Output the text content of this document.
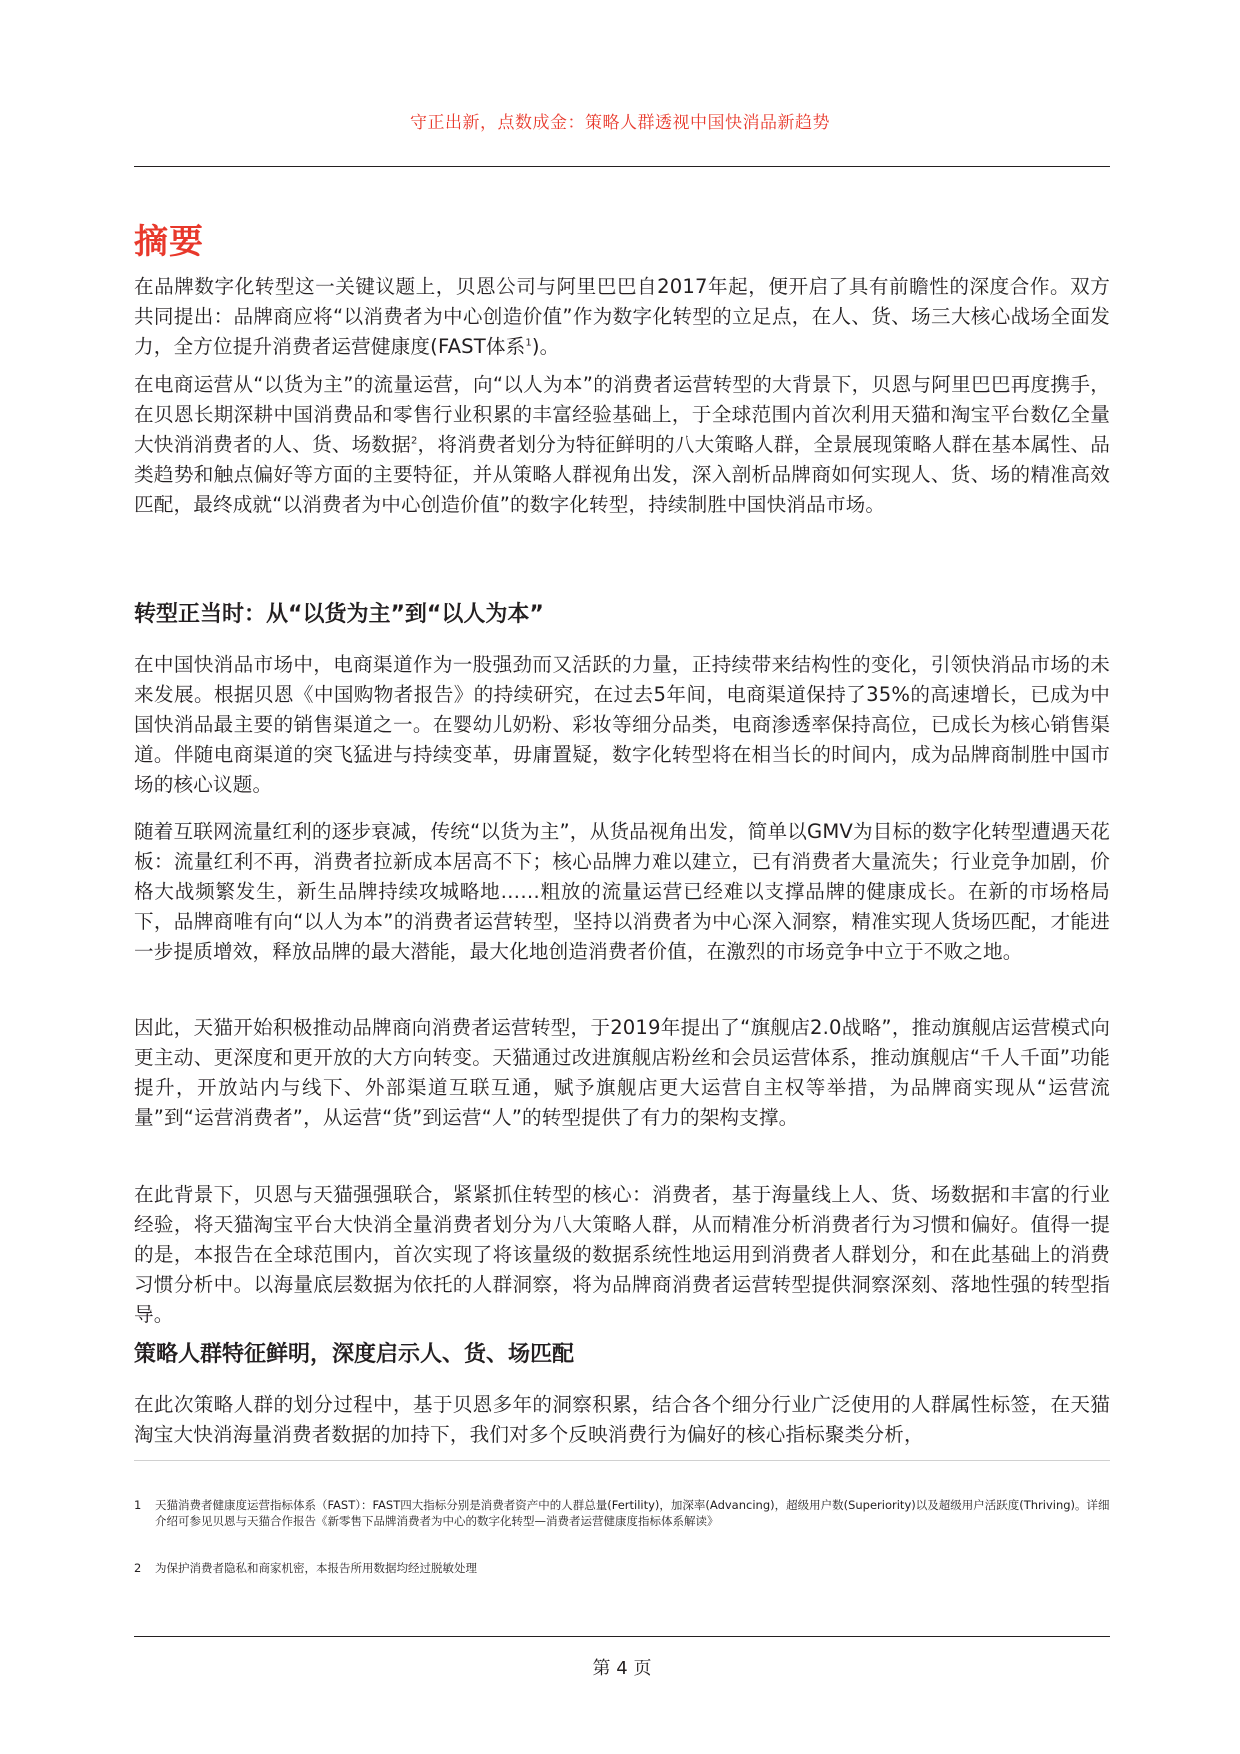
守正出新，点数成金：策略人群透视中国快消品新趋势
摘要

在品牌数字化转型这一关键议题上，贝恩公司与阿里巴巴自2017年起，便开启了具有前瞻性的深度合作。双方共同提出：品牌商应将“以消费者为中心创造价值”作为数字化转型的立足点，在人、货、场三大核心战场全面发力，全方位提升消费者运营健康度(FAST体系$^1$)。

在电商运营从“以货为主”的流量运营，向“以人为本”的消费者运营转型的大背景下，贝恩与阿里巴巴再度携手，在贝恩长期深耕中国消费品和零售行业积累的丰富经验基础上，于全球范围内首次利用天猫和淘宝平台数亿全量大快消消费者的人、货、场数据$^2$，将消费者划分为特征鲜明的八大策略人群，全景展现策略人群在基本属性、品类趋势和触点偏好等方面的主要特征，并从策略人群视角出发，深入剖析品牌商如何实现人、货、场的精准高效匹配，最终成就“以消费者为中心创造价值”的数字化转型，持续制胜中国快消品市场。

转型正当时：从“以货为主”到“以人为本”

在中国快消品市场中，电商渠道作为一股强劲而又活跃的力量，正持续带来结构性的变化，引领快消品市场的未来发展。根据贝恩《中国购物者报告》的持续研究，在过去5年间，电商渠道保持了35%的高速增长，已成为中国快消品最主要的销售渠道之一。在婴幼儿奶粉、彩妆等细分品类，电商渗透率保持高位，已成长为核心销售渠道。伴随电商渠道的突飞猛进与持续变革，毋庸置疑，数字化转型将在相当长的时间内，成为品牌商制胜中国市场的核心议题。

随着互联网流量红利的逐步衰减，传统“以货为主”，从货品视角出发，简单以GMV为目标的数字化转型遭遇天花板：流量红利不再，消费者拉新成本居高不下；核心品牌力难以建立，已有消费者大量流失；行业竞争加剧，价格大战频繁发生，新生品牌持续攻城略地……粗放的流量运营已经难以支撑品牌的健康成长。在新的市场格局下，品牌商唯有向“以人为本”的消费者运营转型，坚持以消费者为中心深入洞察，精准实现人货场匹配，才能进一步提质增效，释放品牌的最大潜能，最大化地创造消费者价值，在激烈的市场竞争中立于不败之地。

因此，天猫开始积极推动品牌商向消费者运营转型，于2019年提出了“旗舰店2.0战略”，推动旗舰店运营模式向更主动、更深度和更开放的大方向转变。天猫通过改进旗舰店粉丝和会员运营体系，推动旗舰店“千人千面”功能提升，开放站内与线下、外部渠道互联互通，赋予旗舰店更大运营自主权等举措，为品牌商实现从“运营流量”到“运营消费者”，从运营“货”到运营“人”的转型提供了有力的架构支撑。

在此背景下，贝恩与天猫强强联合，紧紧抓住转型的核心：消费者，基于海量线上人、货、场数据和丰富的行业经验，将天猫淘宝平台大快消全量消费者划分为八大策略人群，从而精准分析消费者行为习惯和偏好。值得一提的是，本报告在全球范围内，首次实现了将该量级的数据系统性地运用到消费者人群划分，和在此基础上的消费习惯分析中。以海量底层数据为依托的人群洞察，将为品牌商消费者运营转型提供洞察深刻、落地性强的转型指导。

策略人群特征鲜明，深度启示人、货、场匹配

在此次策略人群的划分过程中，基于贝恩多年的洞察积累，结合各个细分行业广泛使用的人群属性标签，在天猫淘宝大快消海量消费者数据的加持下，我们对多个反映消费行为偏好的核心指标聚类分析，

1	天猫消费者健康度运营指标体系（FAST）：FAST四大指标分别是消费者资产中的人群总量(Fertility)，加深率(Advancing)，超级用户数(Superiority)以及超级用户活跃度(Thriving)。详细介绍可参见贝恩与天猫合作报告《新零售下品牌消费者为中心的数字化转型—消费者运营健康度指标体系解读》
2	为保护消费者隐私和商家机密，本报告所用数据均经过脱敏处理
第 4 页
